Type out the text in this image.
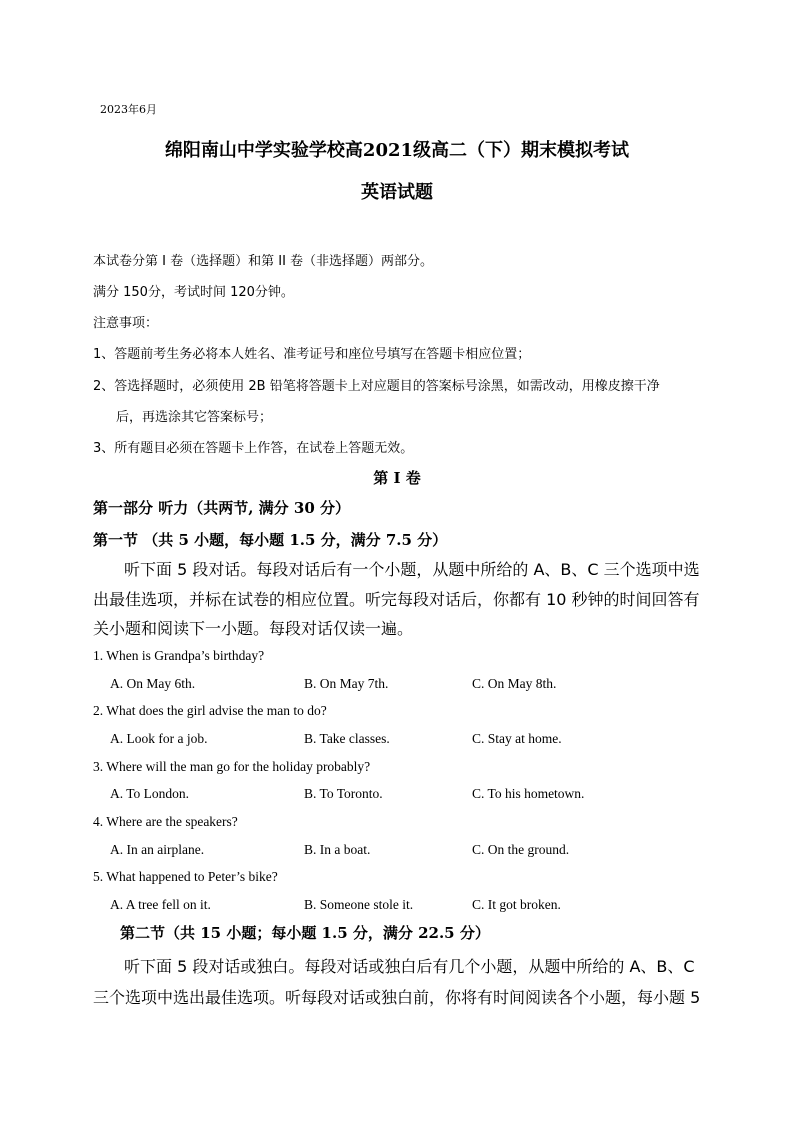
2023年6月
绵阳南山中学实验学校高2021级高二（下）期末模拟考试
英语试题
本试卷分第 I 卷（选择题）和第 II 卷（非选择题）两部分。
满分 150分，考试时间 120分钟。
注意事项：
1、答题前考生务必将本人姓名、准考证号和座位号填写在答题卡相应位置；
2、答选择题时，必须使用 2B 铅笔将答题卡上对应题目的答案标号涂黑，如需改动，用橡皮擦干净
后，再选涂其它答案标号；
3、所有题目必须在答题卡上作答，在试卷上答题无效。
第 I 卷
第一部分 听力（共两节, 满分 30 分）
第一节 （共 5 小题，每小题 1.5 分，满分 7.5 分）
听下面 5 段对话。每段对话后有一个小题，从题中所给的 A、B、C 三个选项中选
出最佳选项，并标在试卷的相应位置。听完每段对话后，你都有 10 秒钟的时间回答有
关小题和阅读下一小题。每段对话仅读一遍。
1. When is Grandpa’s birthday?
A. On May 6th.	B. On May 7th.	C. On May 8th.
2. What does the girl advise the man to do?
A. Look for a job.	B. Take classes.	C. Stay at home.
3. Where will the man go for the holiday probably?
A. To London.	B. To Toronto.	C. To his hometown.
4. Where are the speakers?
A. In an airplane.	B. In a boat.	C. On the ground.
5. What happened to Peter’s bike?
A. A tree fell on it.	B. Someone stole it.	C. It got broken.
第二节（共 15 小题；每小题 1.5 分，满分 22.5 分）
听下面 5 段对话或独白。每段对话或独白后有几个小题，从题中所给的 A、B、C
三个选项中选出最佳选项。听每段对话或独白前，你将有时间阅读各个小题，每小题 5
